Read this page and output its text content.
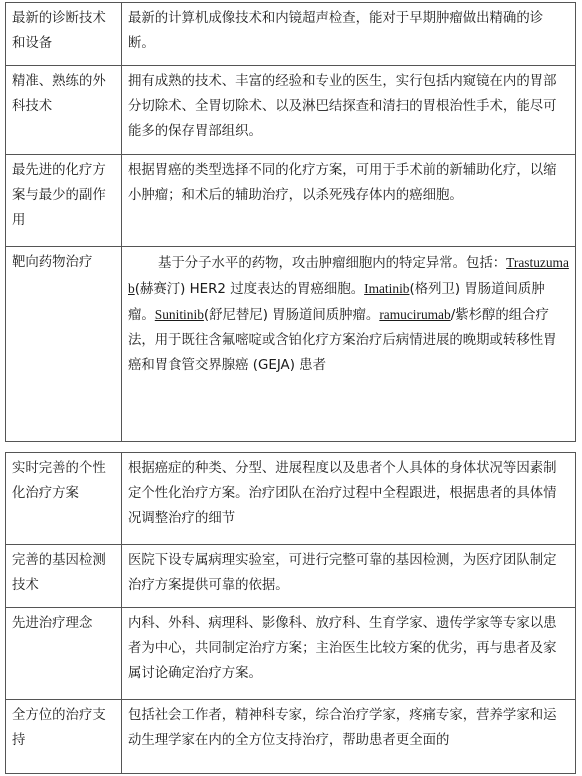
最新的诊断技术和设备	最新的计算机成像技术和内镜超声检查，能对于早期肿瘤做出精确的诊断。
精准、熟练的外科技术	拥有成熟的技术、丰富的经验和专业的医生，实行包括内窥镜在内的胃部分切除术、全胃切除术、以及淋巴结探查和清扫的胃根治性手术，能尽可能多的保存胃部组织。
最先进的化疗方案与最少的副作用	根据胃癌的类型选择不同的化疗方案，可用于手术前的新辅助化疗，以缩小肿瘤；和术后的辅助治疗，以杀死残存体内的癌细胞。
靶向药物治疗	基于分子水平的药物，攻击肿瘤细胞内的特定异常。包括：Trastuzumab(赫赛汀) HER2 过度表达的胃癌细胞。Imatinib(格列卫) 胃肠道间质肿瘤。Sunitinib(舒尼替尼) 胃肠道间质肿瘤。ramucirumab/紫杉醇的组合疗法，用于既往含氟嘧啶或含铂化疗方案治疗后病情进展的晚期或转移性胃癌和胃食管交界腺癌 (GEJA) 患者
实时完善的个性化治疗方案	根据癌症的种类、分型、进展程度以及患者个人具体的身体状况等因素制定个性化治疗方案。治疗团队在治疗过程中全程跟进，根据患者的具体情况调整治疗的细节
完善的基因检测技术	医院下设专属病理实验室，可进行完整可靠的基因检测，为医疗团队制定治疗方案提供可靠的依据。
先进治疗理念	内科、外科、病理科、影像科、放疗科、生育学家、遗传学家等专家以患者为中心，共同制定治疗方案；主治医生比较方案的优劣，再与患者及家属讨论确定治疗方案。
全方位的治疗支持	包括社会工作者，精神科专家，综合治疗学家，疼痛专家，营养学家和运动生理学家在内的全方位支持治疗，帮助患者更全面的
